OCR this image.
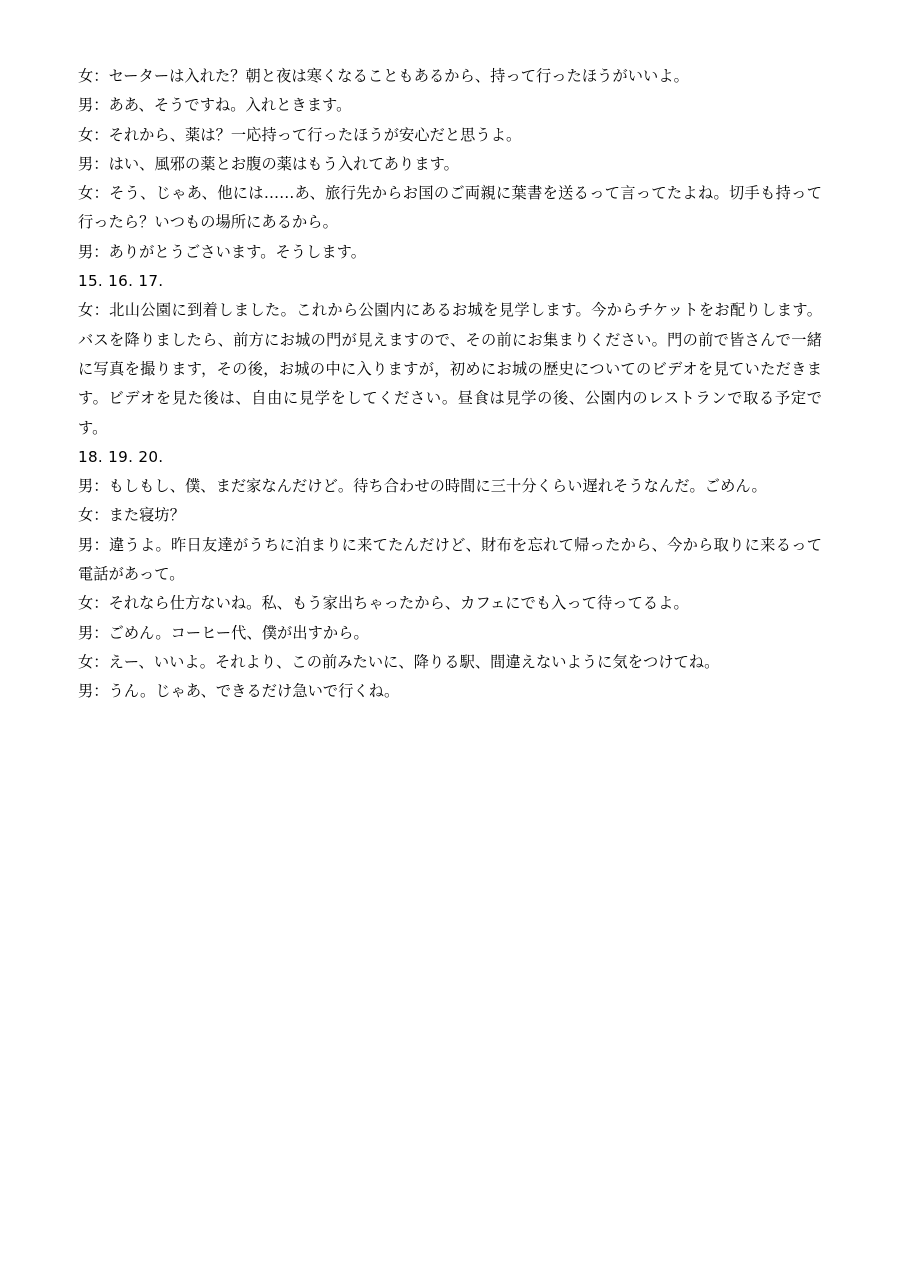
女：セーターは入れた？朝と夜は寒くなることもあるから、持って行ったほうがいいよ。

男：ああ、そうですね。入れときます。

女：それから、薬は？一応持って行ったほうが安心だと思うよ。

男：はい、風邪の薬とお腹の薬はもう入れてあります。

女：そう、じゃあ、他には……あ、旅行先からお国のご両親に葉書を送るって言ってたよね。切手も持って行ったら？いつもの場所にあるから。

男：ありがとうごさいます。そうします。

15. 16. 17.

女：北山公園に到着しました。これから公園内にあるお城を見学します。今からチケットをお配りします。バスを降りましたら、前方にお城の門が見えますので、その前にお集まりください。門の前で皆さんで一緒に写真を撮ります，その後，お城の中に入りますが，初めにお城の歴史についてのビデオを見ていただきます。ビデオを見た後は、自由に見学をしてください。昼食は見学の後、公園内のレストランで取る予定です。

18. 19. 20.

男：もしもし、僕、まだ家なんだけど。待ち合わせの時間に三十分くらい遅れそうなんだ。ごめん。

女：また寝坊？

男：違うよ。昨日友達がうちに泊まりに来てたんだけど、財布を忘れて帰ったから、今から取りに来るって電話があって。

女：それなら仕方ないね。私、もう家出ちゃったから、カフェにでも入って待ってるよ。

男：ごめん。コーヒー代、僕が出すから。

女：えー、いいよ。それより、この前みたいに、降りる駅、間違えないように気をつけてね。

男：うん。じゃあ、できるだけ急いで行くね。
